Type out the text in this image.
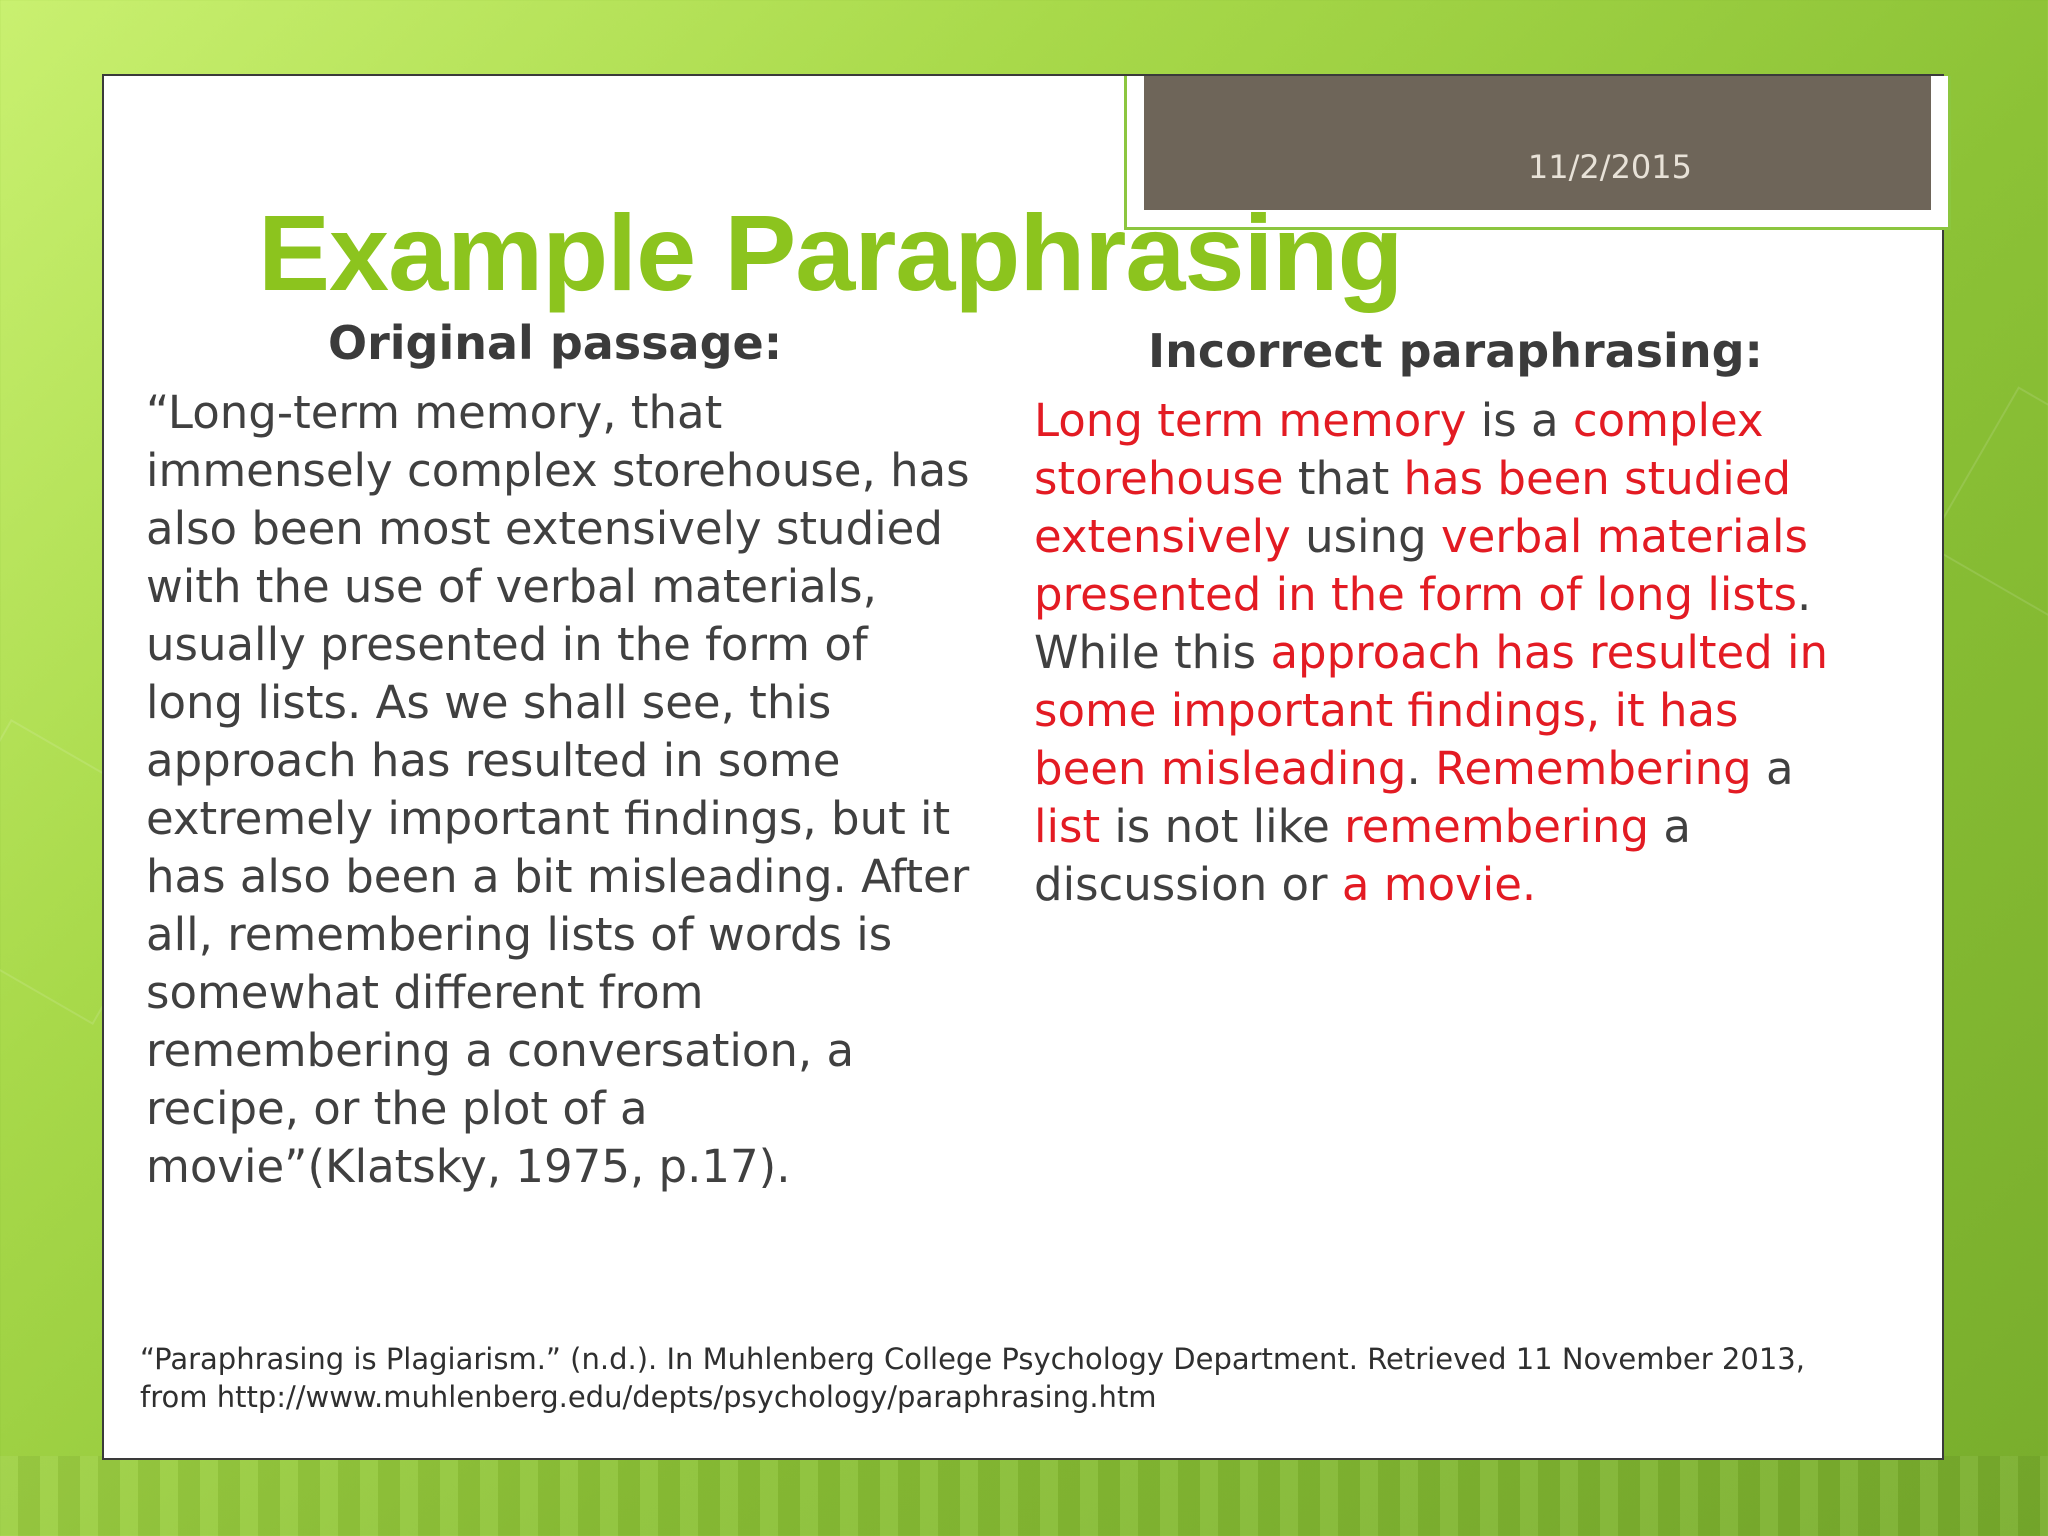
11/2/2015
Example Paraphrasing
Original passage:	Incorrect paraphrasing:

“Long-term memory, that immensely complex storehouse, has also been most extensively studied with the use of verbal materials, usually presented in the form of long lists. As we shall see, this approach has resulted in some extremely important findings, but it has also been a bit misleading. After all, remembering lists of words is somewhat different from remembering a conversation, a recipe, or the plot of a movie”(Klatsky, 1975, p.17).

Long term memory is a complex storehouse that has been studied extensively using verbal materials presented in the form of long lists. While this approach has resulted in some important findings, it has been misleading. Remembering a list is not like remembering a discussion or a movie.

“Paraphrasing is Plagiarism.” (n.d.). In Muhlenberg College Psychology Department. Retrieved 11 November 2013,
from http://www.muhlenberg.edu/depts/psychology/paraphrasing.htm
